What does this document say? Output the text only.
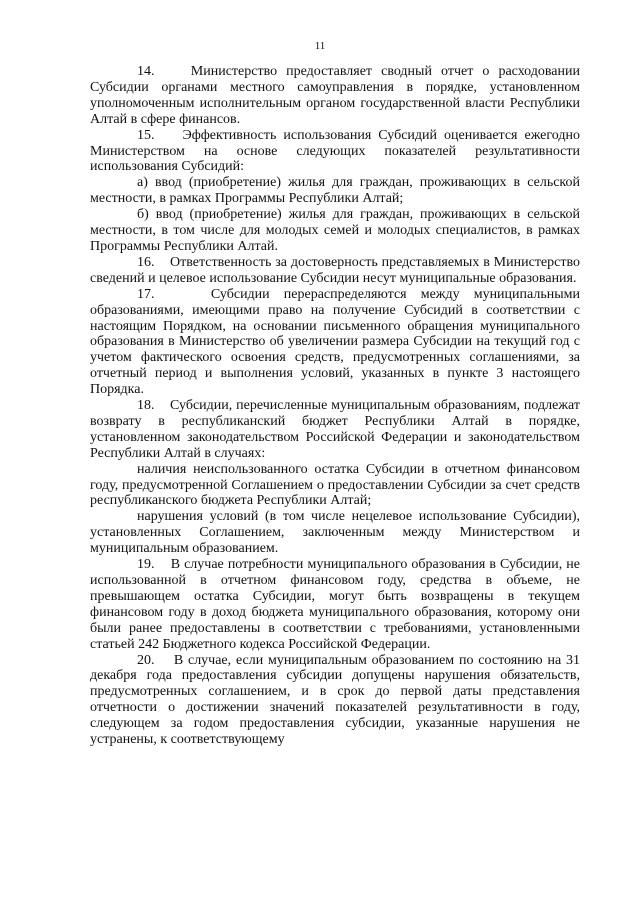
11

14.    Министерство предоставляет сводный отчет о расходовании Субсидии органами местного самоуправления в порядке, установленном уполномоченным исполнительным органом государственной власти Республики Алтай в сфере финансов.

15.    Эффективность использования Субсидий оценивается ежегодно Министерством на основе следующих показателей результативности использования Субсидий:

а) ввод (приобретение) жилья для граждан, проживающих в сельской местности, в рамках Программы Республики Алтай;

б) ввод (приобретение) жилья для граждан, проживающих в сельской местности, в том числе для молодых семей и молодых специалистов, в рамках Программы Республики Алтай.

16.    Ответственность за достоверность представляемых в Министерство сведений и целевое использование Субсидии несут муниципальные образования.

17.    Субсидии перераспределяются между муниципальными образованиями, имеющими право на получение Субсидий в соответствии с настоящим Порядком, на основании письменного обращения муниципального образования в Министерство об увеличении размера Субсидии на текущий год с учетом фактического освоения средств, предусмотренных соглашениями, за отчетный период и выполнения условий, указанных в пункте 3 настоящего Порядка.

18.    Субсидии, перечисленные муниципальным образованиям, подлежат возврату в республиканский бюджет Республики Алтай в порядке, установленном законодательством Российской Федерации и законодательством Республики Алтай в случаях:

наличия неиспользованного остатка Субсидии в отчетном финансовом году, предусмотренной Соглашением о предоставлении Субсидии за счет средств республиканского бюджета Республики Алтай;

нарушения условий (в том числе нецелевое использование Субсидии), установленных Соглашением, заключенным между Министерством и муниципальным образованием.

19.    В случае потребности муниципального образования в Субсидии, не использованной в отчетном финансовом году, средства в объеме, не превышающем остатка Субсидии, могут быть возвращены в текущем финансовом году в доход бюджета муниципального образования, которому они были ранее предоставлены в соответствии с требованиями, установленными статьей 242 Бюджетного кодекса Российской Федерации.

20.    В случае, если муниципальным образованием по состоянию на 31 декабря года предоставления субсидии допущены нарушения обязательств, предусмотренных соглашением, и в срок до первой даты представления отчетности о достижении значений показателей результативности в году, следующем за годом предоставления субсидии, указанные нарушения не устранены, к соответствующему
